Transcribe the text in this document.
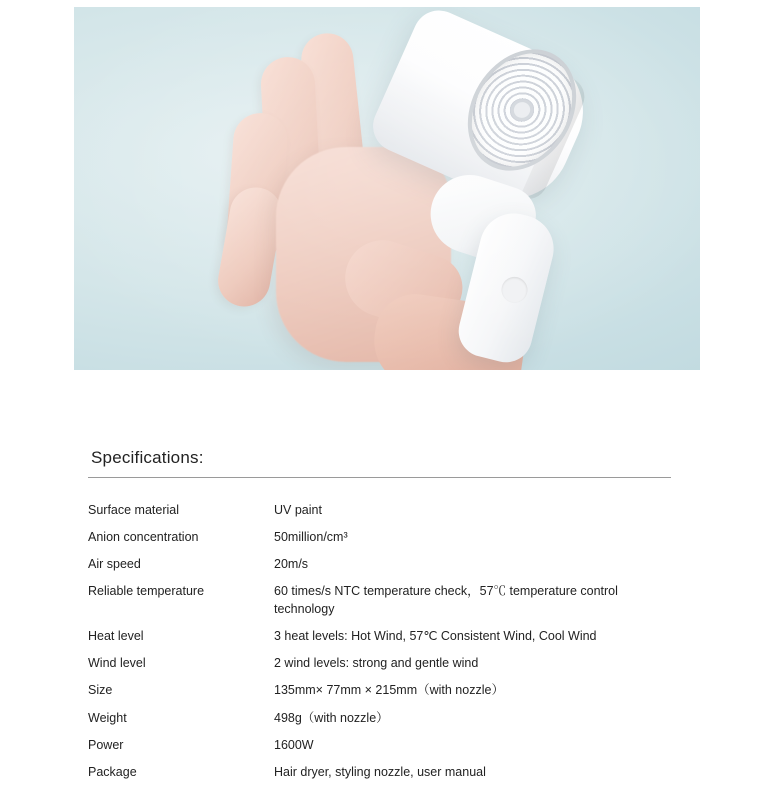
Specifications:
Surface material	UV paint
Anion concentration	50million/cm³
Air speed	20m/s
Reliable temperature	60 times/s NTC temperature check，57℃ temperature control technology
Heat level	3 heat levels: Hot Wind, 57℃ Consistent Wind, Cool Wind
Wind level	2 wind levels: strong and gentle wind
Size	135mm× 77mm × 215mm（with nozzle）
Weight	498g（with nozzle）
Power	1600W
Package	Hair dryer, styling nozzle, user manual
